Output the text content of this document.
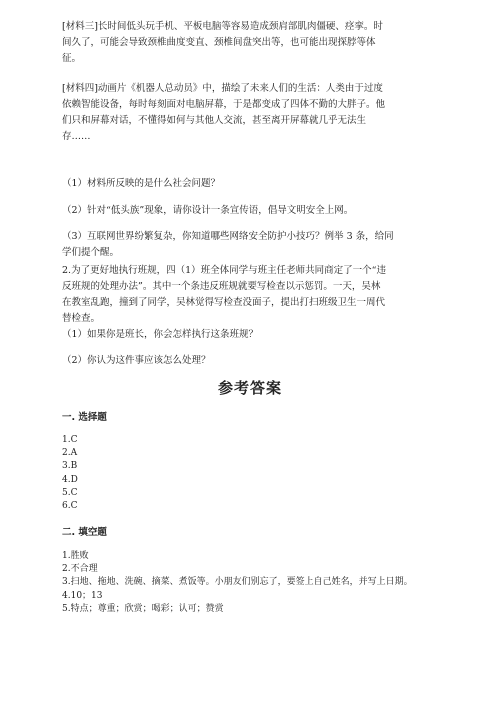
[材料三]长时间低头玩手机、平板电脑等容易造成颈肩部肌肉僵硬、痉挛。时

间久了，可能会导致颈椎曲度变直、颈椎间盘突出等，也可能出现探脖等体

征。

[材料四]动画片《机器人总动员》中，描绘了未来人们的生活：人类由于过度

依赖智能设备，每时每刻面对电脑屏幕，于是都变成了四体不勤的大胖子。他

们只和屏幕对话，不懂得如何与其他人交流，甚至离开屏幕就几乎无法生

存……

（1）材料所反映的是什么社会问题？
（2）针对“低头族”现象，请你设计一条宣传语，倡导文明安全上网。

（3）互联网世界纷繁复杂，你知道哪些网络安全防护小技巧？例举 3 条，给同

学们提个醒。

2.为了更好地执行班规，四（1）班全体同学与班主任老师共同商定了一个“违

反班规的处理办法”。其中一个条违反班规就要写检查以示惩罚。一天，吴林

在教室乱跑，撞到了同学，吴林觉得写检查没面子，提出打扫班级卫生一周代

替检查。

（1）如果你是班长，你会怎样执行这条班规？
（2）你认为这件事应该怎么处理？
参考答案
一. 选择题
1.C
2.A
3.B
4.D
5.C
6.C
二. 填空题
1.胜败
2.不合理
3.扫地、拖地、洗碗、摘菜、煮饭等。小朋友们别忘了，要签上自己姓名，并写上日期。
4.10；13
5.特点；尊重；欣赏；喝彩；认可；赞赏
